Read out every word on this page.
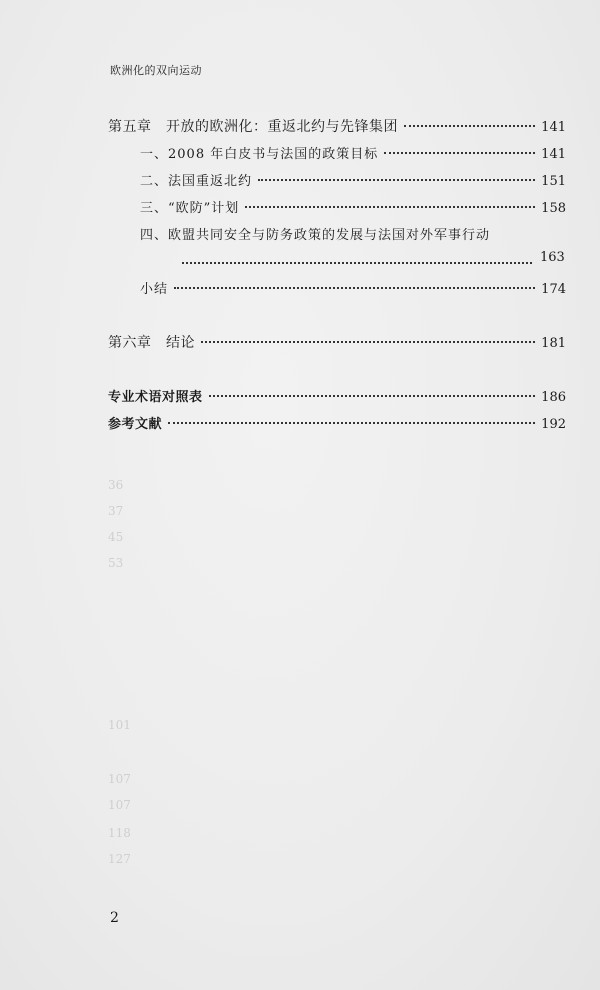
欧洲化的双向运动
36
37
45
53
101
107
107
118
127
第五章　开放的欧洲化：重返北约与先锋集团	141
一、2008 年白皮书与法国的政策目标	141
二、法国重返北约	151
三、“欧防”计划	158
四、欧盟共同安全与防务政策的发展与法国对外军事行动
163
小结	174
第六章　结论	181
专业术语对照表	186
参考文献	192
2
